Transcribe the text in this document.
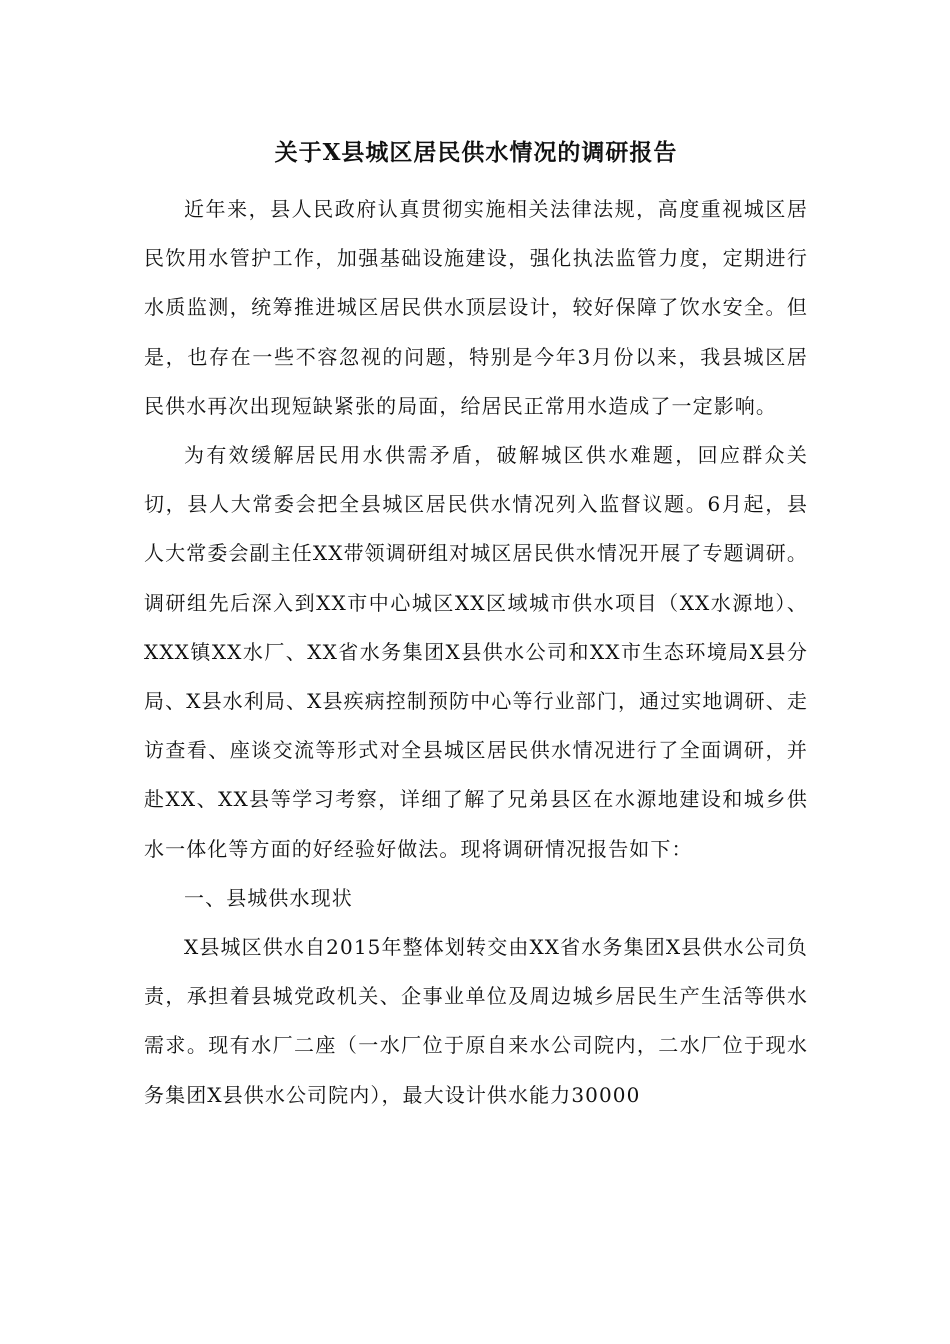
关于X县城区居民供水情况的调研报告

近年来，县人民政府认真贯彻实施相关法律法规，高度重视城区居民饮用水管护工作，加强基础设施建设，强化执法监管力度，定期进行水质监测，统筹推进城区居民供水顶层设计，较好保障了饮水安全。但是，也存在一些不容忽视的问题，特别是今年3月份以来，我县城区居民供水再次出现短缺紧张的局面，给居民正常用水造成了一定影响。

为有效缓解居民用水供需矛盾，破解城区供水难题，回应群众关切，县人大常委会把全县城区居民供水情况列入监督议题。6月起，县人大常委会副主任XX带领调研组对城区居民供水情况开展了专题调研。调研组先后深入到XX市中心城区XX区域城市供水项目（XX水源地）、XXX镇XX水厂、XX省水务集团X县供水公司和XX市生态环境局X县分局、X县水利局、X县疾病控制预防中心等行业部门，通过实地调研、走访查看、座谈交流等形式对全县城区居民供水情况进行了全面调研，并赴XX、XX县等学习考察，详细了解了兄弟县区在水源地建设和城乡供水一体化等方面的好经验好做法。现将调研情况报告如下：

一、县城供水现状

X县城区供水自2015年整体划转交由XX省水务集团X县供水公司负责，承担着县城党政机关、企事业单位及周边城乡居民生产生活等供水需求。现有水厂二座（一水厂位于原自来水公司院内，二水厂位于现水务集团X县供水公司院内），最大设计供水能力30000
